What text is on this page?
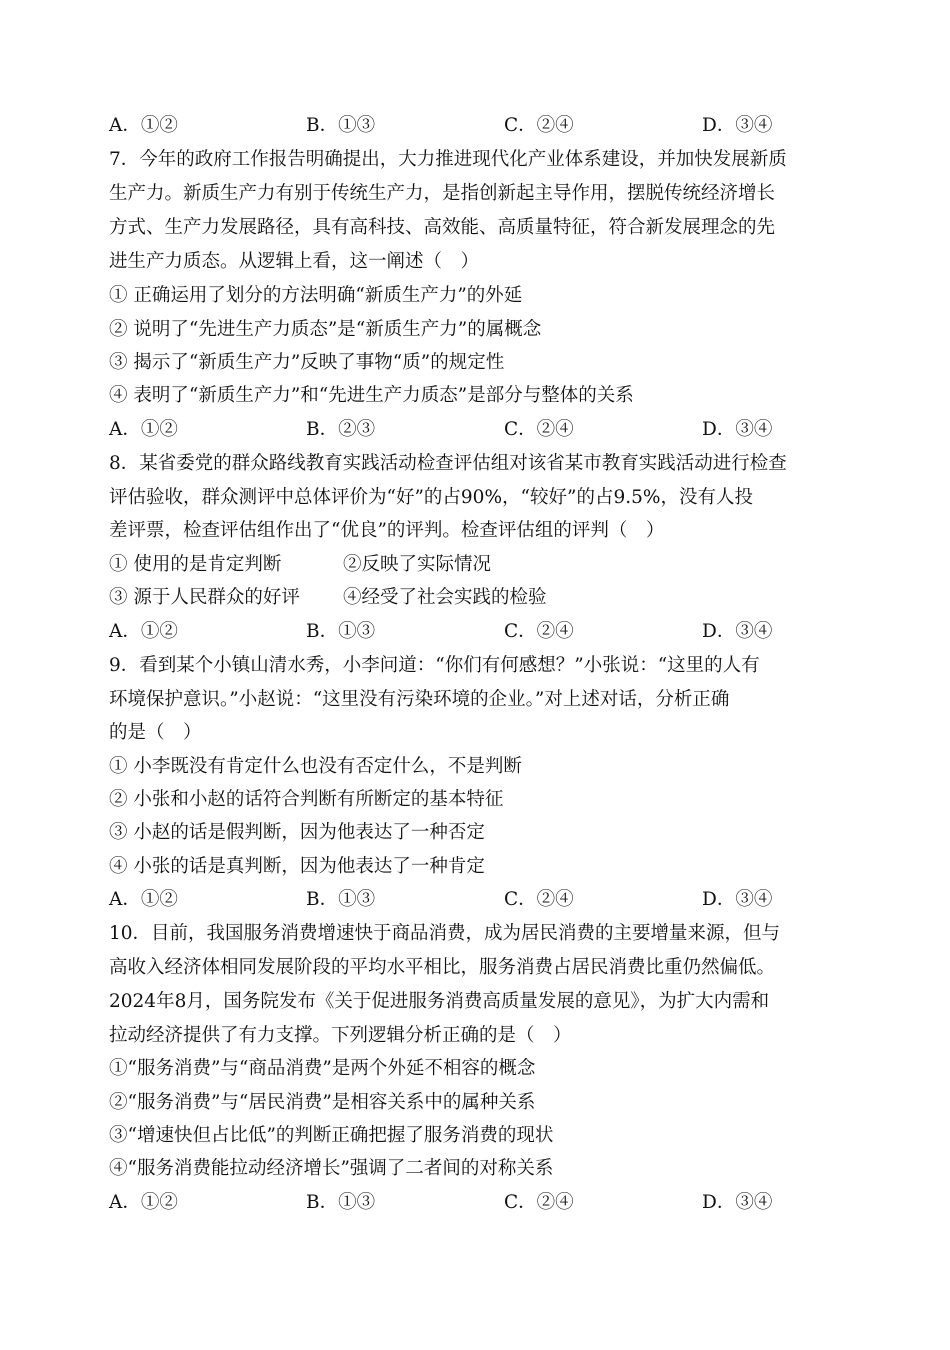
A．①②	B．①③	C．②④	D．③④
7．今年的政府工作报告明确提出，大力推进现代化产业体系建设，并加快发展新质
生产力。新质生产力有别于传统生产力，是指创新起主导作用，摆脱传统经济增长
方式、生产力发展路径，具有高科技、高效能、高质量特征，符合新发展理念的先
进生产力质态。从逻辑上看，这一阐述（　）
① 正确运用了划分的方法明确“新质生产力”的外延
② 说明了“先进生产力质态”是“新质生产力”的属概念
③ 揭示了“新质生产力”反映了事物“质”的规定性
④ 表明了“新质生产力”和“先进生产力质态”是部分与整体的关系
A．①②	B．②③	C．②④	D．③④
8．某省委党的群众路线教育实践活动检查评估组对该省某市教育实践活动进行检查
评估验收，群众测评中总体评价为“好”的占90%，“较好”的占9.5%，没有人投
差评票，检查评估组作出了“优良”的评判。检查评估组的评判（　）
① 使用的是肯定判断	②反映了实际情况
③ 源于人民群众的好评 ④经受了社会实践的检验
A．①②	B．①③	C．②④	D．③④
9．看到某个小镇山清水秀，小李问道：“你们有何感想？”小张说：“这里的人有
环境保护意识。”小赵说：“这里没有污染环境的企业。”对上述对话，分析正确
的是（　）
① 小李既没有肯定什么也没有否定什么，不是判断
② 小张和小赵的话符合判断有所断定的基本特征
③ 小赵的话是假判断，因为他表达了一种否定
④ 小张的话是真判断，因为他表达了一种肯定
A．①②	B．①③	C．②④	D．③④
10．目前，我国服务消费增速快于商品消费，成为居民消费的主要增量来源，但与
高收入经济体相同发展阶段的平均水平相比，服务消费占居民消费比重仍然偏低。
2024年8月，国务院发布《关于促进服务消费高质量发展的意见》，为扩大内需和
拉动经济提供了有力支撑。下列逻辑分析正确的是（　）
①“服务消费”与“商品消费”是两个外延不相容的概念
②“服务消费”与“居民消费”是相容关系中的属种关系
③“增速快但占比低”的判断正确把握了服务消费的现状
④“服务消费能拉动经济增长”强调了二者间的对称关系
A．①②	B．①③	C．②④	D．③④
